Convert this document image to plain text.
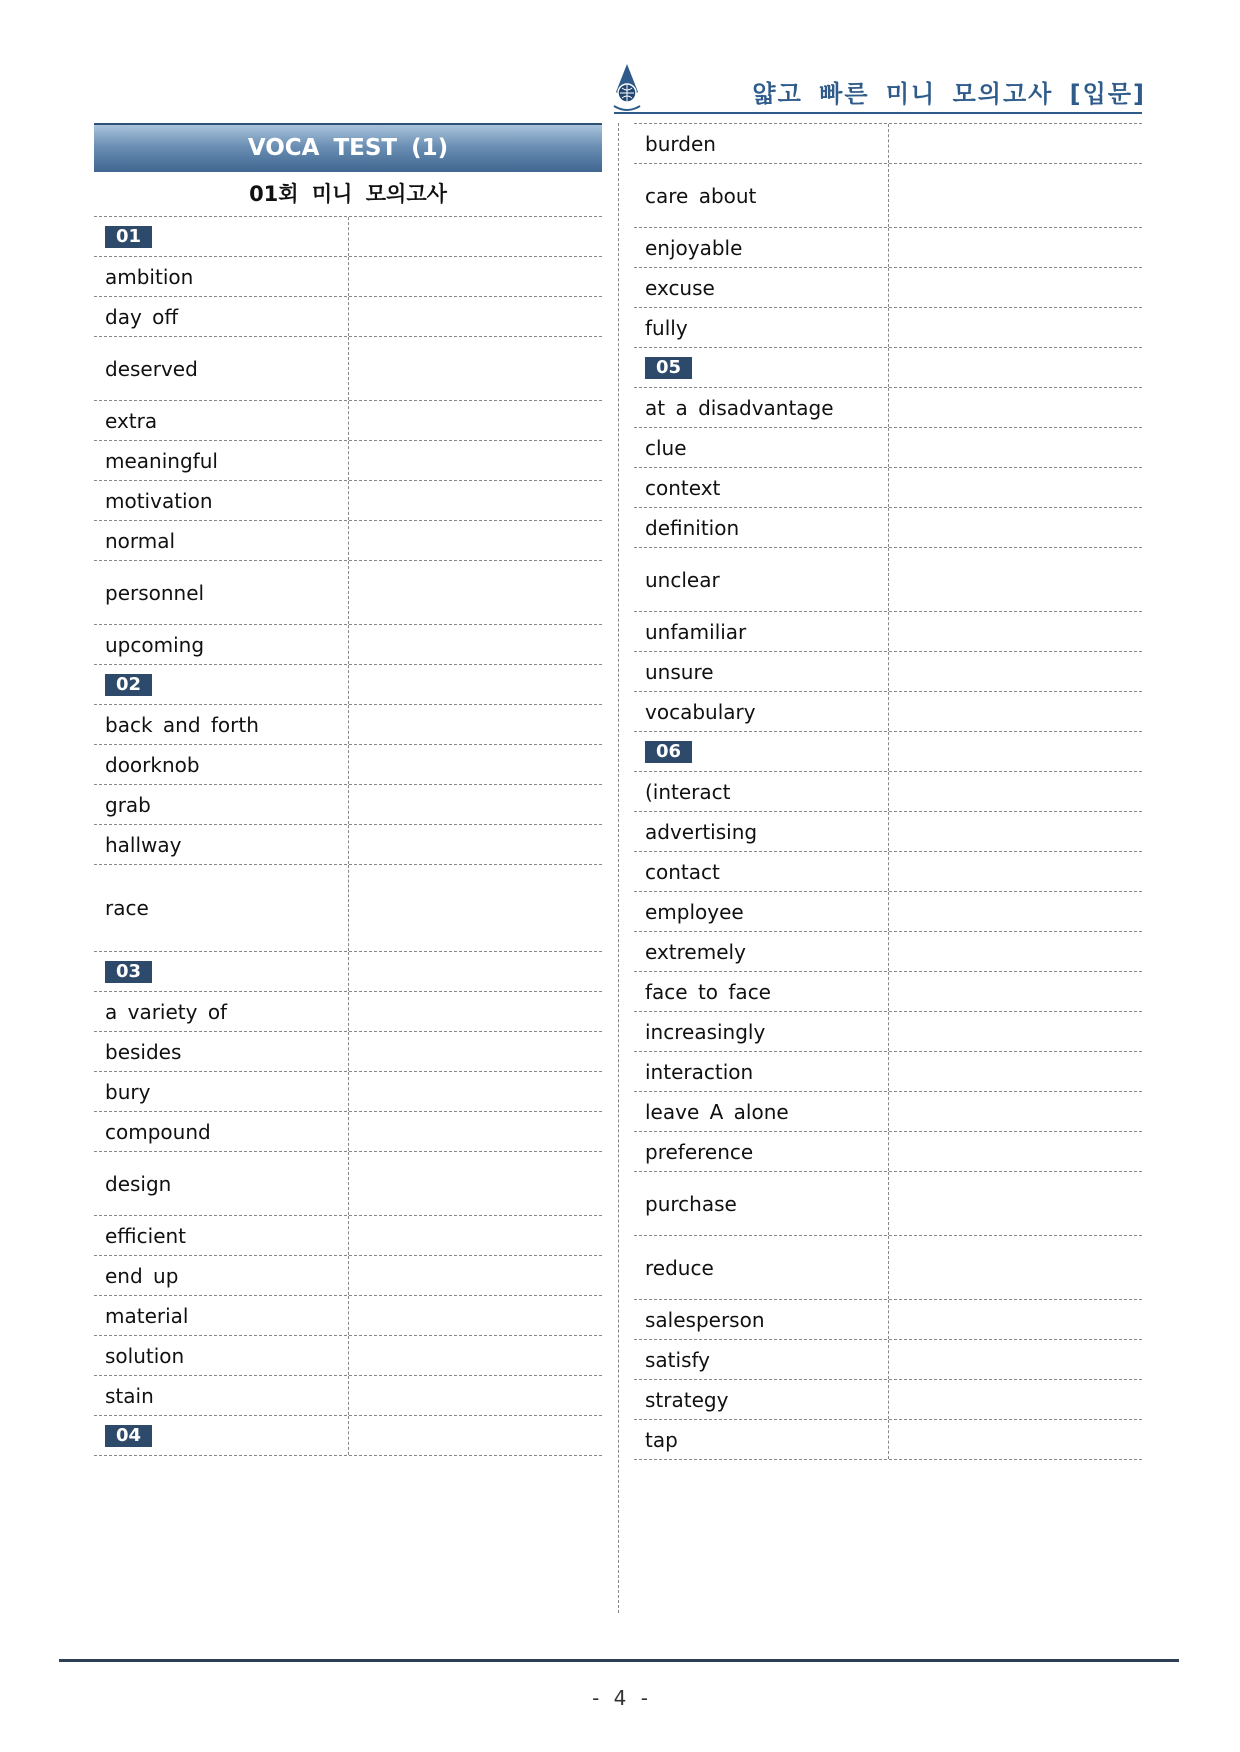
얇고 빠른 미니 모의고사 [입문]
VOCA TEST (1)
01회 미니 모의고사
01
ambition
day off
deserved
extra
meaningful
motivation
normal
personnel
upcoming
02
back and forth
doorknob
grab
hallway
race
03
a variety of
besides
bury
compound
design
efficient
end up
material
solution
stain
04
burden
care about
enjoyable
excuse
fully
05
at a disadvantage
clue
context
definition
unclear
unfamiliar
unsure
vocabulary
06
(interact
advertising
contact
employee
extremely
face to face
increasingly
interaction
leave A alone
preference
purchase
reduce
salesperson
satisfy
strategy
tap
- 4 -
